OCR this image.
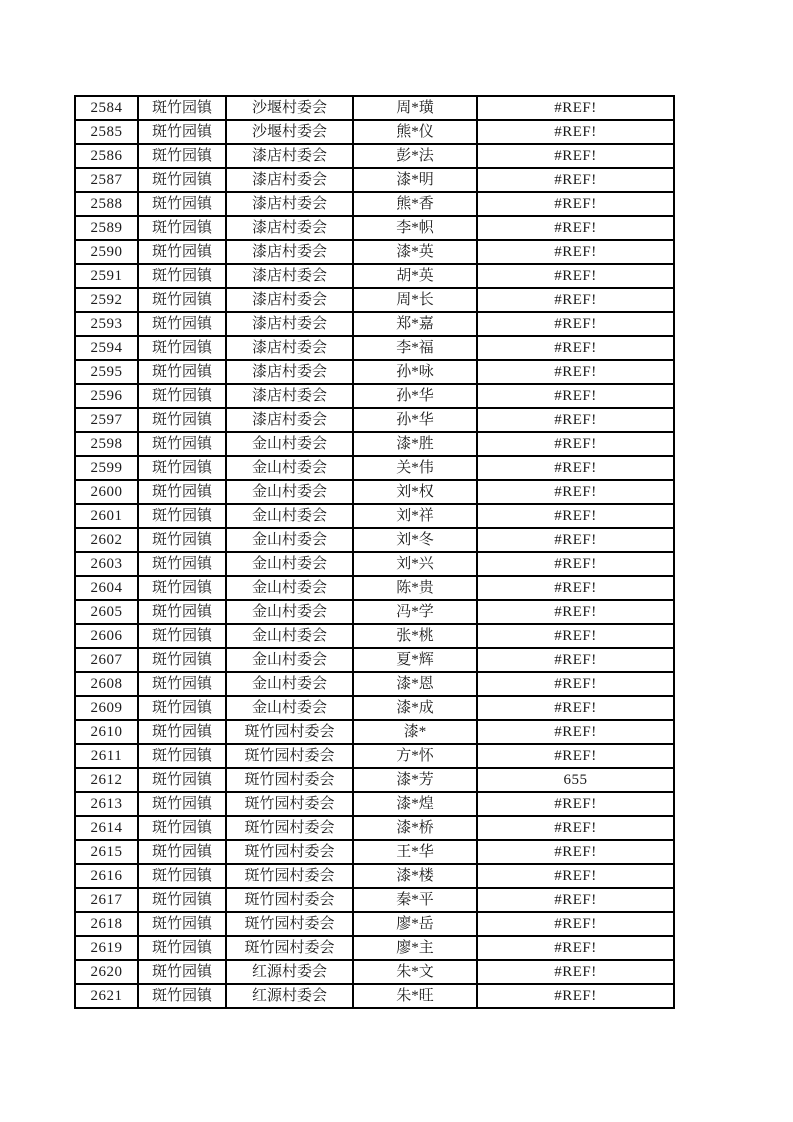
2584	斑竹园镇	沙堰村委会	周*璜	#REF!
2585	斑竹园镇	沙堰村委会	熊*仪	#REF!
2586	斑竹园镇	漆店村委会	彭*法	#REF!
2587	斑竹园镇	漆店村委会	漆*明	#REF!
2588	斑竹园镇	漆店村委会	熊*香	#REF!
2589	斑竹园镇	漆店村委会	李*帜	#REF!
2590	斑竹园镇	漆店村委会	漆*英	#REF!
2591	斑竹园镇	漆店村委会	胡*英	#REF!
2592	斑竹园镇	漆店村委会	周*长	#REF!
2593	斑竹园镇	漆店村委会	郑*嘉	#REF!
2594	斑竹园镇	漆店村委会	李*福	#REF!
2595	斑竹园镇	漆店村委会	孙*咏	#REF!
2596	斑竹园镇	漆店村委会	孙*华	#REF!
2597	斑竹园镇	漆店村委会	孙*华	#REF!
2598	斑竹园镇	金山村委会	漆*胜	#REF!
2599	斑竹园镇	金山村委会	关*伟	#REF!
2600	斑竹园镇	金山村委会	刘*权	#REF!
2601	斑竹园镇	金山村委会	刘*祥	#REF!
2602	斑竹园镇	金山村委会	刘*冬	#REF!
2603	斑竹园镇	金山村委会	刘*兴	#REF!
2604	斑竹园镇	金山村委会	陈*贵	#REF!
2605	斑竹园镇	金山村委会	冯*学	#REF!
2606	斑竹园镇	金山村委会	张*桃	#REF!
2607	斑竹园镇	金山村委会	夏*辉	#REF!
2608	斑竹园镇	金山村委会	漆*恩	#REF!
2609	斑竹园镇	金山村委会	漆*成	#REF!
2610	斑竹园镇	斑竹园村委会	漆*	#REF!
2611	斑竹园镇	斑竹园村委会	方*怀	#REF!
2612	斑竹园镇	斑竹园村委会	漆*芳	655
2613	斑竹园镇	斑竹园村委会	漆*煌	#REF!
2614	斑竹园镇	斑竹园村委会	漆*桥	#REF!
2615	斑竹园镇	斑竹园村委会	王*华	#REF!
2616	斑竹园镇	斑竹园村委会	漆*楼	#REF!
2617	斑竹园镇	斑竹园村委会	秦*平	#REF!
2618	斑竹园镇	斑竹园村委会	廖*岳	#REF!
2619	斑竹园镇	斑竹园村委会	廖*主	#REF!
2620	斑竹园镇	红源村委会	朱*文	#REF!
2621	斑竹园镇	红源村委会	朱*旺	#REF!
